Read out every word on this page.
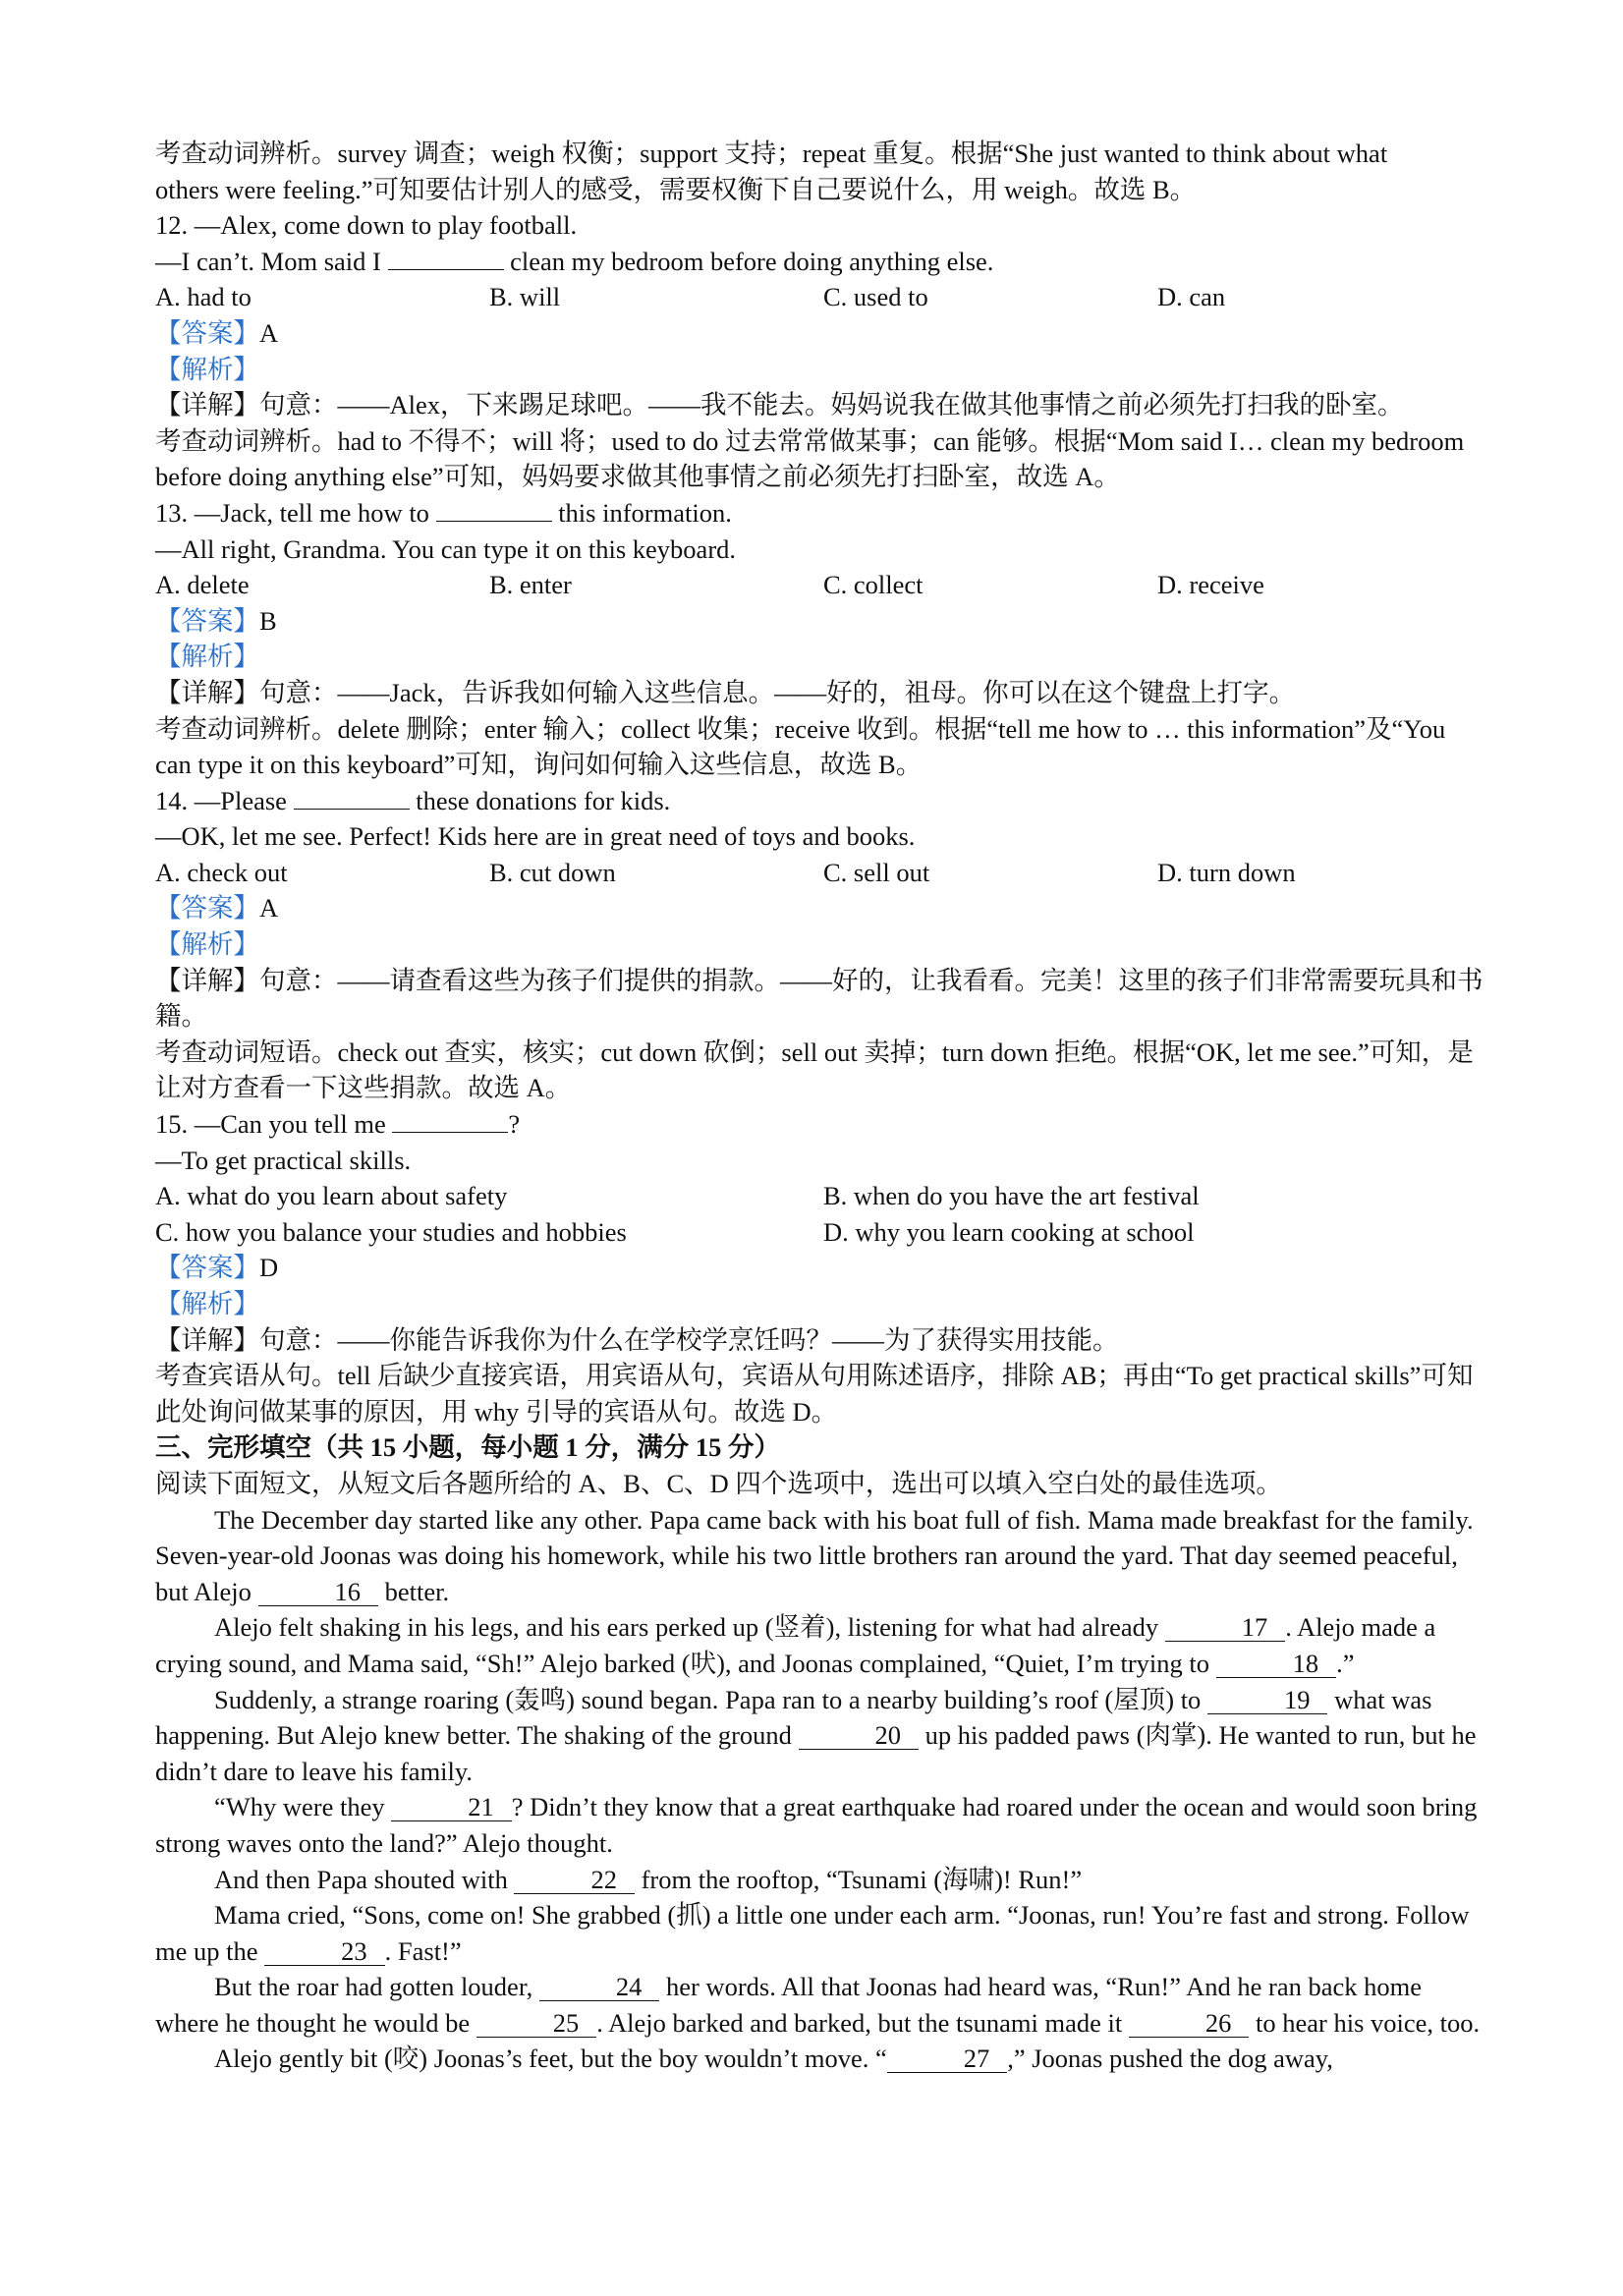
考查动词辨析。survey 调查；weigh 权衡；support 支持；repeat 重复。根据“She just wanted to think about what
others were feeling.”可知要估计别人的感受，需要权衡下自己要说什么，用 weigh。故选 B。
12. —Alex, come down to play football.
—I can’t. Mom said I	clean my bedroom before doing anything else.
A. had to	B. will	C. used to	D. can
【答案】A
【解析】
【详解】句意：——Alex，下来踢足球吧。——我不能去。妈妈说我在做其他事情之前必须先打扫我的卧室。
考查动词辨析。had to 不得不；will 将；used to do 过去常常做某事；can 能够。根据“Mom said I… clean my bedroom before doing anything else”可知，妈妈要求做其他事情之前必须先打扫卧室，故选 A。
13. —Jack, tell me how to	this information.
—All right, Grandma. You can type it on this keyboard.
A. delete	B. enter	C. collect	D. receive
【答案】B
【解析】
【详解】句意：——Jack，告诉我如何输入这些信息。——好的，祖母。你可以在这个键盘上打字。
考查动词辨析。delete 删除；enter 输入；collect 收集；receive 收到。根据“tell me how to … this information”及“You can type it on this keyboard”可知，询问如何输入这些信息，故选 B。
14. —Please	these donations for kids.
—OK, let me see. Perfect! Kids here are in great need of toys and books.
A. check out	B. cut down	C. sell out	D. turn down
【答案】A
【解析】
【详解】句意：——请查看这些为孩子们提供的捐款。——好的，让我看看。完美！这里的孩子们非常需要玩具和书籍。
考查动词短语。check out 查实，核实；cut down 砍倒；sell out 卖掉；turn down 拒绝。根据“OK, let me see.”可知，是让对方查看一下这些捐款。故选 A。
15. —Can you tell me	?
—To get practical skills.
A. what do you learn about safety	B. when do you have the art festival
C. how you balance your studies and hobbies	D. why you learn cooking at school
【答案】D
【解析】
【详解】句意：——你能告诉我你为什么在学校学烹饪吗？——为了获得实用技能。
考查宾语从句。tell 后缺少直接宾语，用宾语从句，宾语从句用陈述语序，排除 AB；再由“To get practical skills”可知此处询问做某事的原因，用 why 引导的宾语从句。故选 D。
三、完形填空（共 15 小题，每小题 1 分，满分 15 分）
阅读下面短文，从短文后各题所给的 A、B、C、D 四个选项中，选出可以填入空白处的最佳选项。
The December day started like any other. Papa came back with his boat full of fish. Mama made breakfast for the family. Seven-year-old Joonas was doing his homework, while his two little brothers ran around the yard. That day seemed peaceful, but Alejo	16 better.
Alejo felt shaking in his legs, and his ears perked up (竖着), listening for what had already	17 . Alejo made a crying sound, and Mama said, “Sh!” Alejo barked (吠), and Joonas complained, “Quiet, I’m trying to	18 .”
Suddenly, a strange roaring (轰鸣) sound began. Papa ran to a nearby building’s roof (屋顶) to	19 what was happening. But Alejo knew better. The shaking of the ground	20 up his padded paws (肉掌). He wanted to run, but he didn’t dare to leave his family.
“Why were they	21 ? Didn’t they know that a great earthquake had roared under the ocean and would soon bring strong waves onto the land?” Alejo thought.
And then Papa shouted with	22 from the rooftop, “Tsunami (海啸)! Run!”
Mama cried, “Sons, come on! She grabbed (抓) a little one under each arm. “Joonas, run! You’re fast and strong. Follow me up the	23 . Fast!”
But the roar had gotten louder,	24 her words. All that Joonas had heard was, “Run!” And he ran back home where he thought he would be	25 . Alejo barked and barked, but the tsunami made it	26 to hear his voice, too.
Alejo gently bit (咬) Joonas’s feet, but the boy wouldn’t move. “	27 ,” Joonas pushed the dog away,
